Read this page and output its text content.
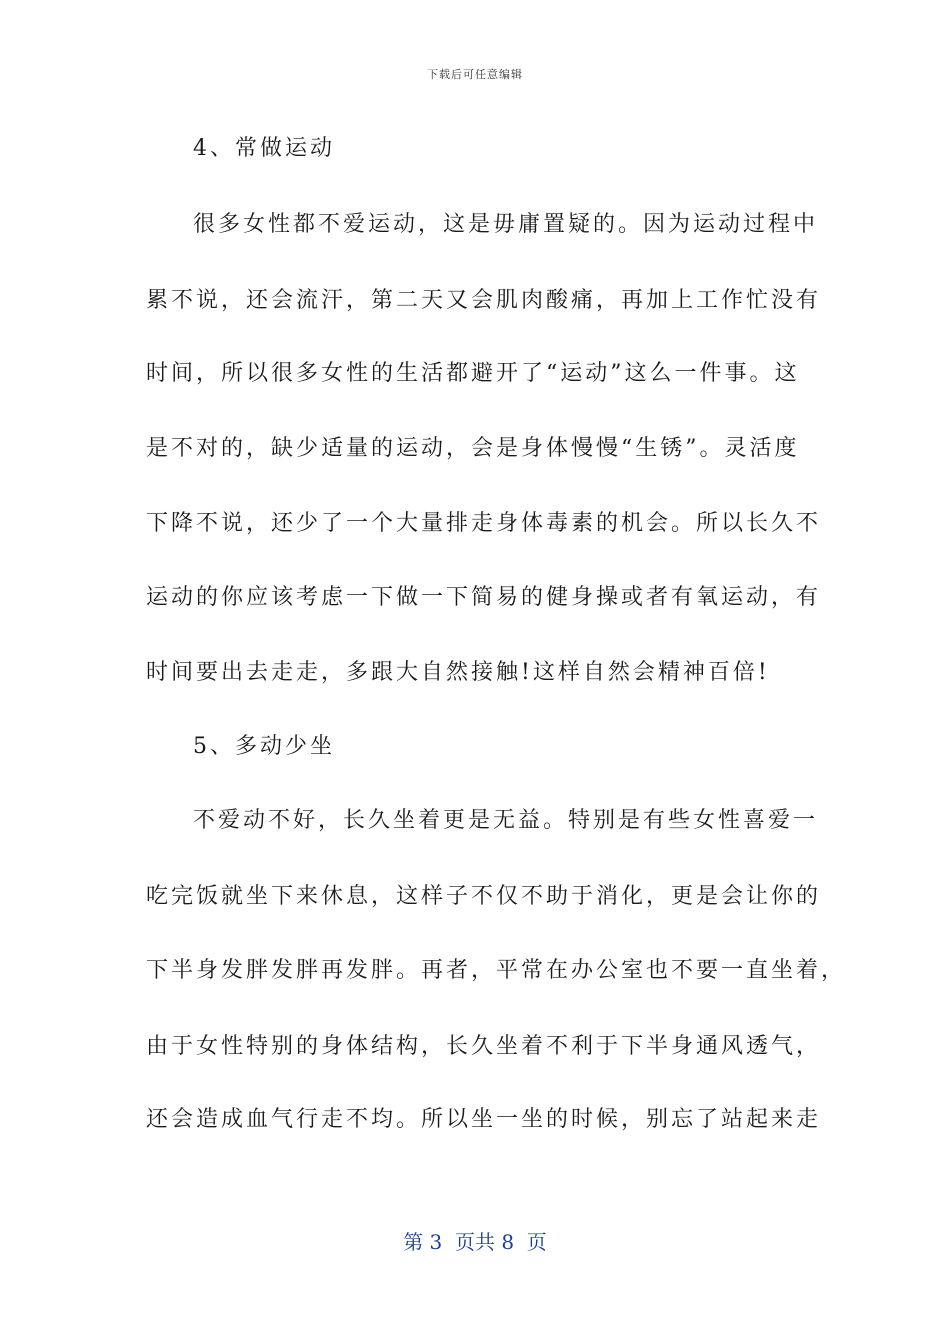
下载后可任意编辑
4、常做运动
很多女性都不爱运动，这是毋庸置疑的。因为运动过程中
累不说，还会流汗，第二天又会肌肉酸痛，再加上工作忙没有
时间，所以很多女性的生活都避开了“运动”这么一件事。这
是不对的，缺少适量的运动，会是身体慢慢“生锈”。灵活度
下降不说，还少了一个大量排走身体毒素的机会。所以长久不
运动的你应该考虑一下做一下简易的健身操或者有氧运动，有
时间要出去走走，多跟大自然接触!这样自然会精神百倍!
5、多动少坐
不爱动不好，长久坐着更是无益。特别是有些女性喜爱一
吃完饭就坐下来休息，这样子不仅不助于消化，更是会让你的
下半身发胖发胖再发胖。再者，平常在办公室也不要一直坐着，
由于女性特别的身体结构，长久坐着不利于下半身通风透气，
还会造成血气行走不均。所以坐一坐的时候，别忘了站起来走
第 3  页共 8  页
